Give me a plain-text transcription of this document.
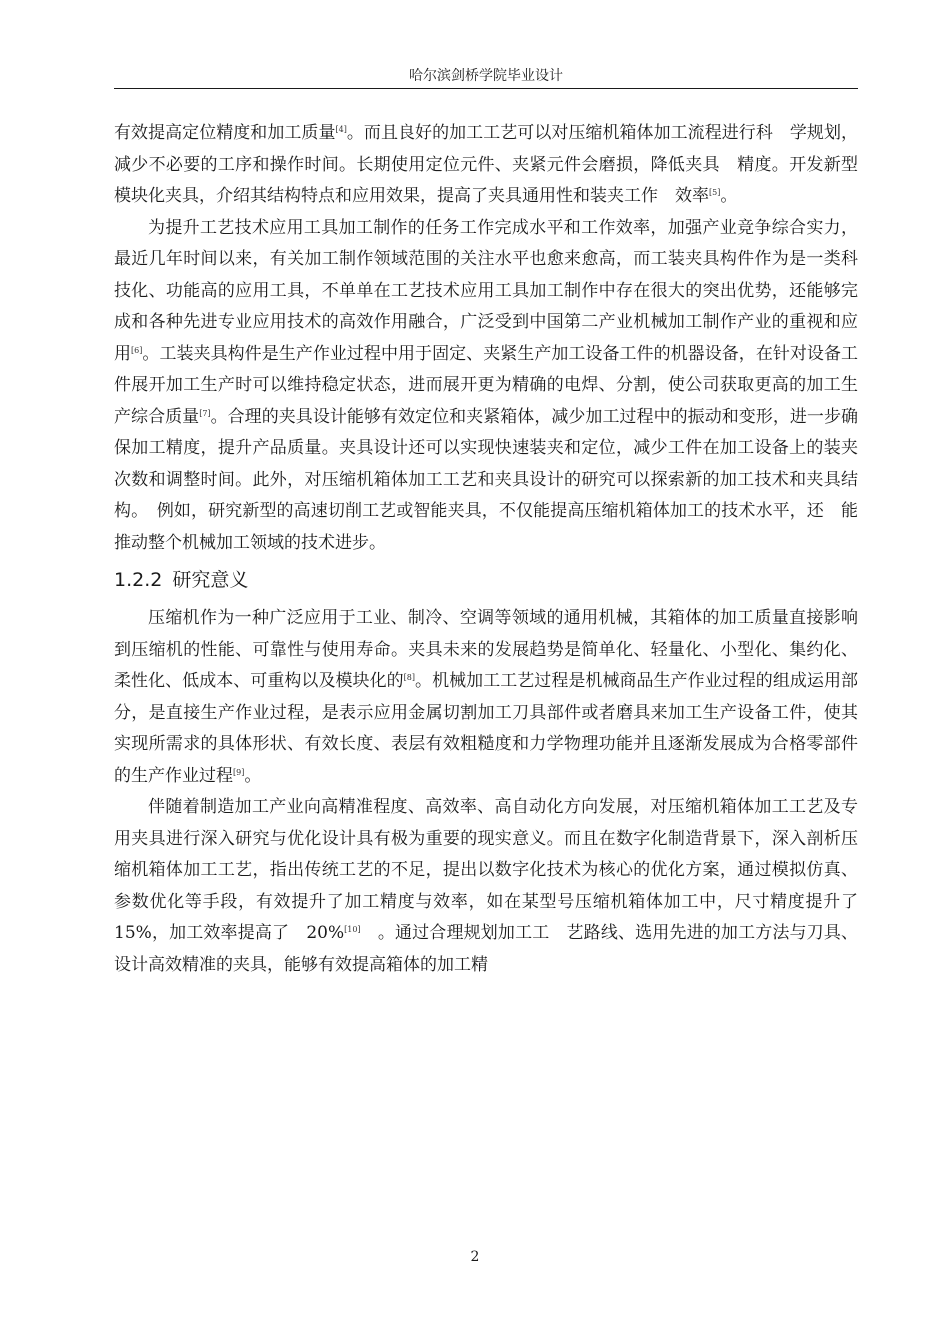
哈尔滨剑桥学院毕业设计

有效提高定位精度和加工质量[4]。而且良好的加工工艺可以对压缩机箱体加工流程进行科　学规划，减少不必要的工序和操作时间。长期使用定位元件、夹紧元件会磨损，降低夹具　精度。开发新型模块化夹具，介绍其结构特点和应用效果，提高了夹具通用性和装夹工作　效率[5]。

为提升工艺技术应用工具加工制作的任务工作完成水平和工作效率，加强产业竞争综合实力，最近几年时间以来，有关加工制作领域范围的关注水平也愈来愈高，而工装夹具构件作为是一类科技化、功能高的应用工具，不单单在工艺技术应用工具加工制作中存在很大的突出优势，还能够完成和各种先进专业应用技术的高效作用融合，广泛受到中国第二产业机械加工制作产业的重视和应用[6]。工装夹具构件是生产作业过程中用于固定、夹紧生产加工设备工件的机器设备，在针对设备工件展开加工生产时可以维持稳定状态，进而展开更为精确的电焊、分割，使公司获取更高的加工生产综合质量[7]。合理的夹具设计能够有效定位和夹紧箱体，减少加工过程中的振动和变形，进一步确保加工精度，提升产品质量。夹具设计还可以实现快速装夹和定位，减少工件在加工设备上的装夹次数和调整时间。此外，对压缩机箱体加工工艺和夹具设计的研究可以探索新的加工技术和夹具结构。　例如，研究新型的高速切削工艺或智能夹具，不仅能提高压缩机箱体加工的技术水平，还　能推动整个机械加工领域的技术进步。

1.2.2 研究意义

压缩机作为一种广泛应用于工业、制冷、空调等领域的通用机械，其箱体的加工质量直接影响到压缩机的性能、可靠性与使用寿命。夹具未来的发展趋势是简单化、轻量化、小型化、集约化、柔性化、低成本、可重构以及模块化的[8]。机械加工工艺过程是机械商品生产作业过程的组成运用部分，是直接生产作业过程，是表示应用金属切割加工刀具部件或者磨具来加工生产设备工件，使其实现所需求的具体形状、有效长度、表层有效粗糙度和力学物理功能并且逐渐发展成为合格零部件的生产作业过程[9]。

伴随着制造加工产业向高精准程度、高效率、高自动化方向发展，对压缩机箱体加工工艺及专用夹具进行深入研究与优化设计具有极为重要的现实意义。而且在数字化制造背景下，深入剖析压缩机箱体加工工艺，指出传统工艺的不足，提出以数字化技术为核心的优化方案，通过模拟仿真、参数优化等手段，有效提升了加工精度与效率，如在某型号压缩机箱体加工中，尺寸精度提升了　15%，加工效率提高了　20%[10]　。通过合理规划加工工　艺路线、选用先进的加工方法与刀具、设计高效精准的夹具，能够有效提高箱体的加工精

2
